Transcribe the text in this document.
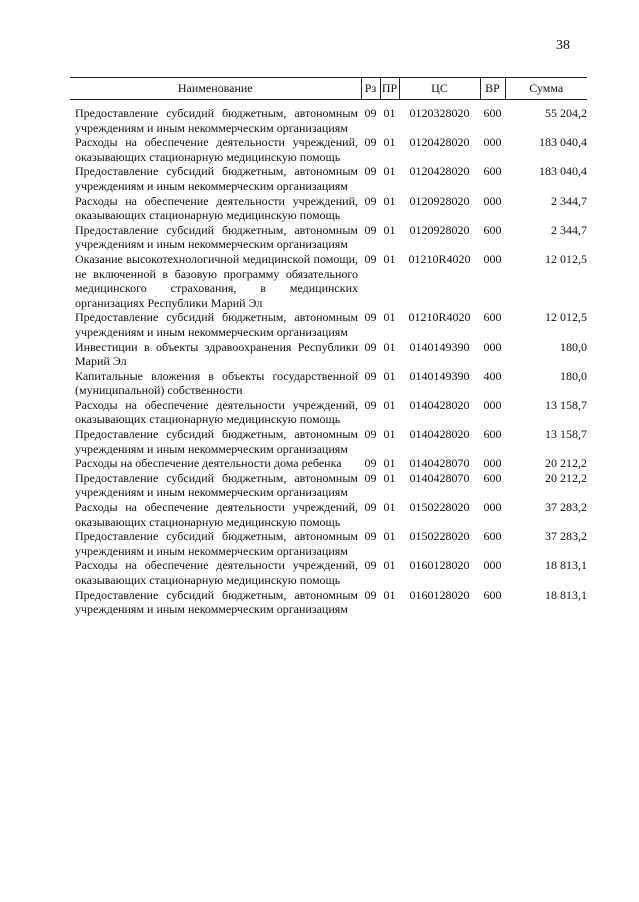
38
Наименование	Рз	ПР	ЦС	ВР	Сумма
Предоставление субсидий бюджетным, автономным учреждениям и иным некоммерческим организациям	09	01	0120328020	600	55 204,2
Расходы на обеспечение деятельности учреждений, оказывающих стационарную медицинскую помощь	09	01	0120428020	000	183 040,4
Предоставление субсидий бюджетным, автономным учреждениям и иным некоммерческим организациям	09	01	0120428020	600	183 040,4
Расходы на обеспечение деятельности учреждений, оказывающих стационарную медицинскую помощь	09	01	0120928020	000	2 344,7
Предоставление субсидий бюджетным, автономным учреждениям и иным некоммерческим организациям	09	01	0120928020	600	2 344,7
Оказание высокотехнологичной медицинской помощи, не включенной в базовую программу обязательного медицинского страхования, в медицинских организациях Республики Марий Эл	09	01	01210R4020	000	12 012,5
Предоставление субсидий бюджетным, автономным учреждениям и иным некоммерческим организациям	09	01	01210R4020	600	12 012,5
Инвестиции в объекты здравоохранения Республики Марий Эл	09	01	0140149390	000	180,0
Капитальные вложения в объекты государственной (муниципальной) собственности	09	01	0140149390	400	180,0
Расходы на обеспечение деятельности учреждений, оказывающих стационарную медицинскую помощь	09	01	0140428020	000	13 158,7
Предоставление субсидий бюджетным, автономным учреждениям и иным некоммерческим организациям	09	01	0140428020	600	13 158,7
Расходы на обеспечение деятельности дома ребенка	09	01	0140428070	000	20 212,2
Предоставление субсидий бюджетным, автономным учреждениям и иным некоммерческим организациям	09	01	0140428070	600	20 212,2
Расходы на обеспечение деятельности учреждений, оказывающих стационарную медицинскую помощь	09	01	0150228020	000	37 283,2
Предоставление субсидий бюджетным, автономным учреждениям и иным некоммерческим организациям	09	01	0150228020	600	37 283,2
Расходы на обеспечение деятельности учреждений, оказывающих стационарную медицинскую помощь	09	01	0160128020	000	18 813,1
Предоставление субсидий бюджетным, автономным учреждениям и иным некоммерческим организациям	09	01	0160128020	600	18 813,1
